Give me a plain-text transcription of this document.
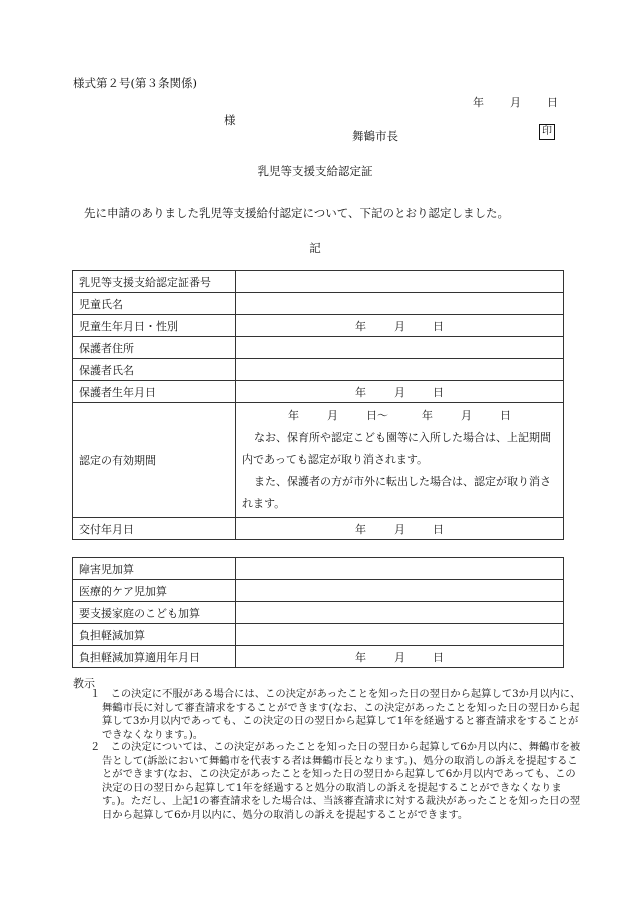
様式第２号(第３条関係)
年 月 日
様
舞鶴市長	印
乳児等支援支給認定証
先に申請のありました乳児等支援給付認定について、下記のとおり認定しました。
記
乳児等支援支給認定証番号	
児童氏名	
児童生年月日・性別	年 月 日
保護者住所	
保護者氏名	
保護者生年月日	年 月 日
認定の有効期間	年 月 日〜 年 月 日
なお、保育所や認定こども園等に入所した場合は、上記期間内であっても認定が取り消されます。
また、保護者の方が市外に転出した場合は、認定が取り消されます。

交付年月日	年 月 日
障害児加算	
医療的ケア児加算	
要支援家庭のこども加算	
負担軽減加算	
負担軽減加算適用年月日	年 月 日
教示
１　この決定に不服がある場合には、この決定があったことを知った日の翌日から起算して3か月以内に、舞鶴市長に対して審査請求をすることができます(なお、この決定があったことを知った日の翌日から起算して3か月以内であっても、この決定の日の翌日から起算して1年を経過すると審査請求をすることができなくなります。)。
２　この決定については、この決定があったことを知った日の翌日から起算して6か月以内に、舞鶴市を被告として(訴訟において舞鶴市を代表する者は舞鶴市長となります。)、処分の取消しの訴えを提起することができます(なお、この決定があったことを知った日の翌日から起算して6か月以内であっても、この決定の日の翌日から起算して1年を経過すると処分の取消しの訴えを提起することができなくなります。)。ただし、上記1の審査請求をした場合は、当該審査請求に対する裁決があったことを知った日の翌日から起算して6か月以内に、処分の取消しの訴えを提起することができます。
